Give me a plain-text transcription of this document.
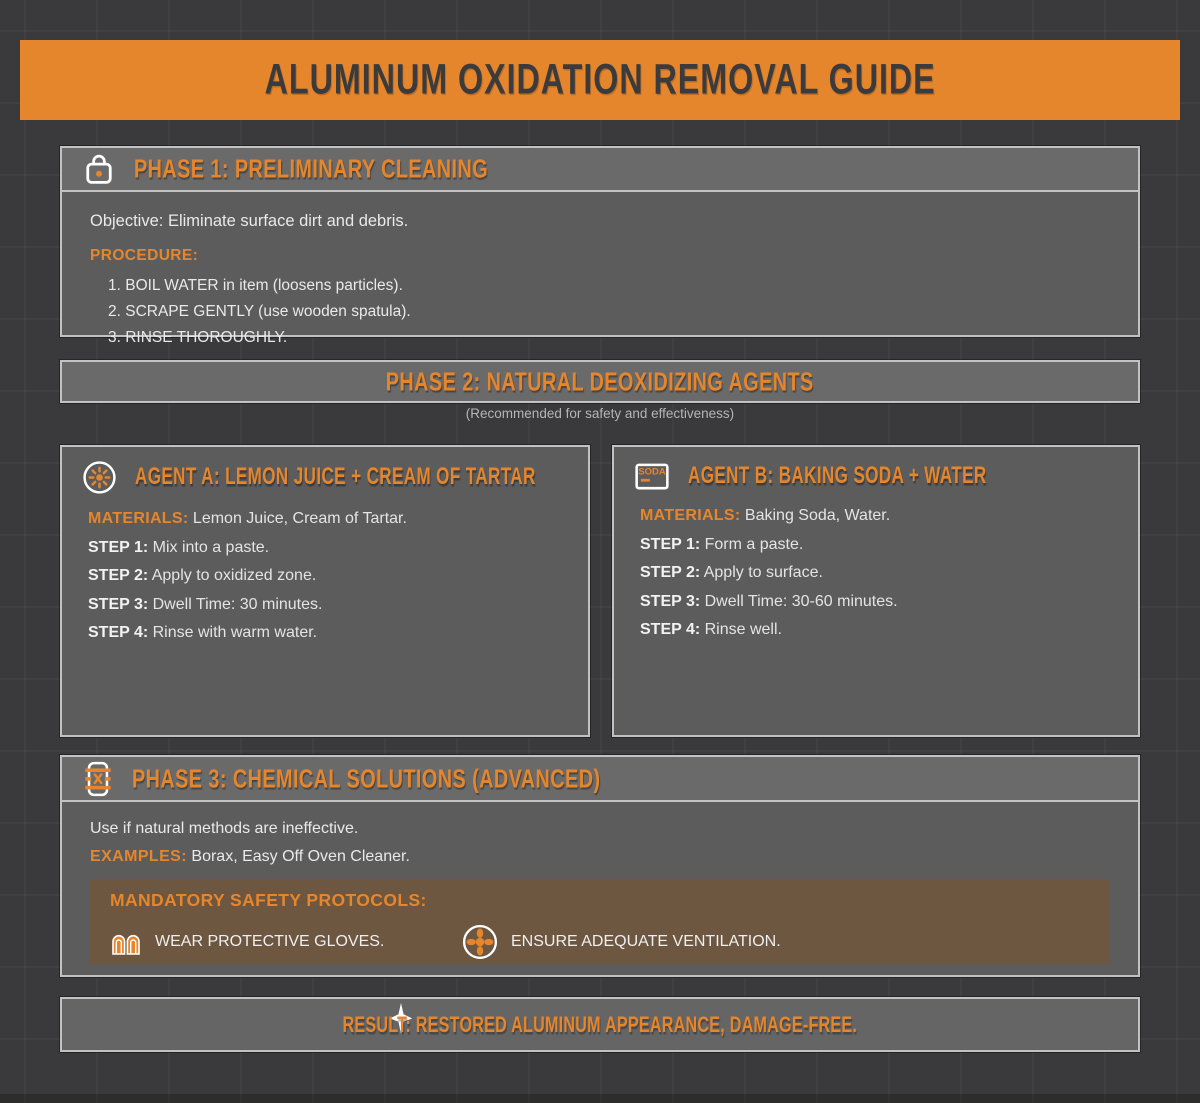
ALUMINUM OXIDATION REMOVAL GUIDE
PHASE 1: PRELIMINARY CLEANING

Objective: Eliminate surface dirt and debris.

PROCEDURE:

1. BOIL WATER in item (loosens particles).
2. SCRAPE GENTLY (use wooden spatula).
3. RINSE THOROUGHLY.
PHASE 2: NATURAL DEOXIDIZING AGENTS
(Recommended for safety and effectiveness)
AGENT A: LEMON JUICE + CREAM OF TARTAR

MATERIALS: Lemon Juice, Cream of Tartar.

STEP 1: Mix into a paste.

STEP 2: Apply to oxidized zone.

STEP 3: Dwell Time: 30 minutes.

STEP 4: Rinse with warm water.

SODA AGENT B: BAKING SODA + WATER

MATERIALS: Baking Soda, Water.

STEP 1: Form a paste.

STEP 2: Apply to surface.

STEP 3: Dwell Time: 30-60 minutes.

STEP 4: Rinse well.

PHASE 3: CHEMICAL SOLUTIONS (ADVANCED)

Use if natural methods are ineffective.

EXAMPLES: Borax, Easy Off Oven Cleaner.

MANDATORY SAFETY PROTOCOLS:

WEAR PROTECTIVE GLOVES.	ENSURE ADEQUATE VENTILATION.
RESULT: RESTORED ALUMINUM APPEARANCE, DAMAGE-FREE.
